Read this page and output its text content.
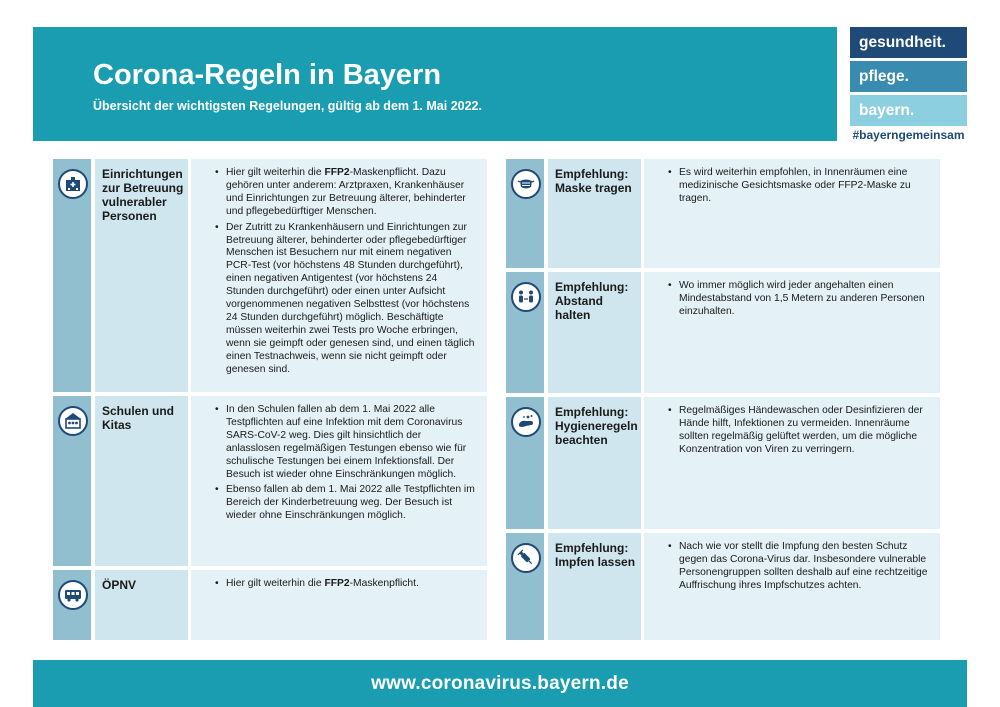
Corona-Regeln in Bayern
Übersicht der wichtigsten Regelungen, gültig ab dem 1. Mai 2022.
gesundheit.
pflege.
bayern.
#bayerngemeinsam
Einrichtungen zur Betreuung vulnerabler Personen
• Hier gilt weiterhin die FFP2-Maskenpflicht. Dazu gehören unter anderem: Arztpraxen, Krankenhäuser und Einrichtungen zur Betreuung älterer, behinderter und pflegebedürftiger Menschen.
• Der Zutritt zu Krankenhäusern und Einrichtungen zur Betreuung älterer, behinderter oder pflegebedürftiger Menschen ist Besuchern nur mit einem negativen PCR-Test (vor höchstens 48 Stunden durchgeführt), einen negativen Antigentest (vor höchstens 24 Stunden durchgeführt) oder einen unter Aufsicht vorgenommenen negativen Selbsttest (vor höchstens 24 Stunden durchgeführt) möglich. Beschäftigte müssen weiterhin zwei Tests pro Woche erbringen, wenn sie geimpft oder genesen sind, und einen täglich einen Testnachweis, wenn sie nicht geimpft oder genesen sind.
Schulen und Kitas
• In den Schulen fallen ab dem 1. Mai 2022 alle Testpflichten auf eine Infektion mit dem Coronavirus SARS-CoV-2 weg. Dies gilt hinsichtlich der anlasslosen regelmäßigen Testungen ebenso wie für schulische Testungen bei einem Infektionsfall. Der Besuch ist wieder ohne Einschränkungen möglich.
• Ebenso fallen ab dem 1. Mai 2022 alle Testpflichten im Bereich der Kinderbetreuung weg. Der Besuch ist wieder ohne Einschränkungen möglich.
ÖPNV
•	Hier gilt weiterhin die FFP2-Maskenpflicht.
Empfehlung: Maske tragen
• Es wird weiterhin empfohlen, in Innenräumen eine medizinische Gesichtsmaske oder FFP2-Maske zu tragen.
Empfehlung: Abstand halten
• Wo immer möglich wird jeder angehalten einen Mindestabstand von 1,5 Metern zu anderen Personen einzuhalten.
Empfehlung: Hygieneregeln beachten
• Regelmäßiges Händewaschen oder Desinfizieren der Hände hilft, Infektionen zu vermeiden. Innenräume sollten regelmäßig gelüftet werden, um die mögliche Konzentration von Viren zu verringern.
Empfehlung: Impfen lassen
• Nach wie vor stellt die Impfung den besten Schutz gegen das Corona-Virus dar. Insbesondere vulnerable Personengruppen sollten deshalb auf eine rechtzeitige Auffrischung ihres Impfschutzes achten.
www.coronavirus.bayern.de
